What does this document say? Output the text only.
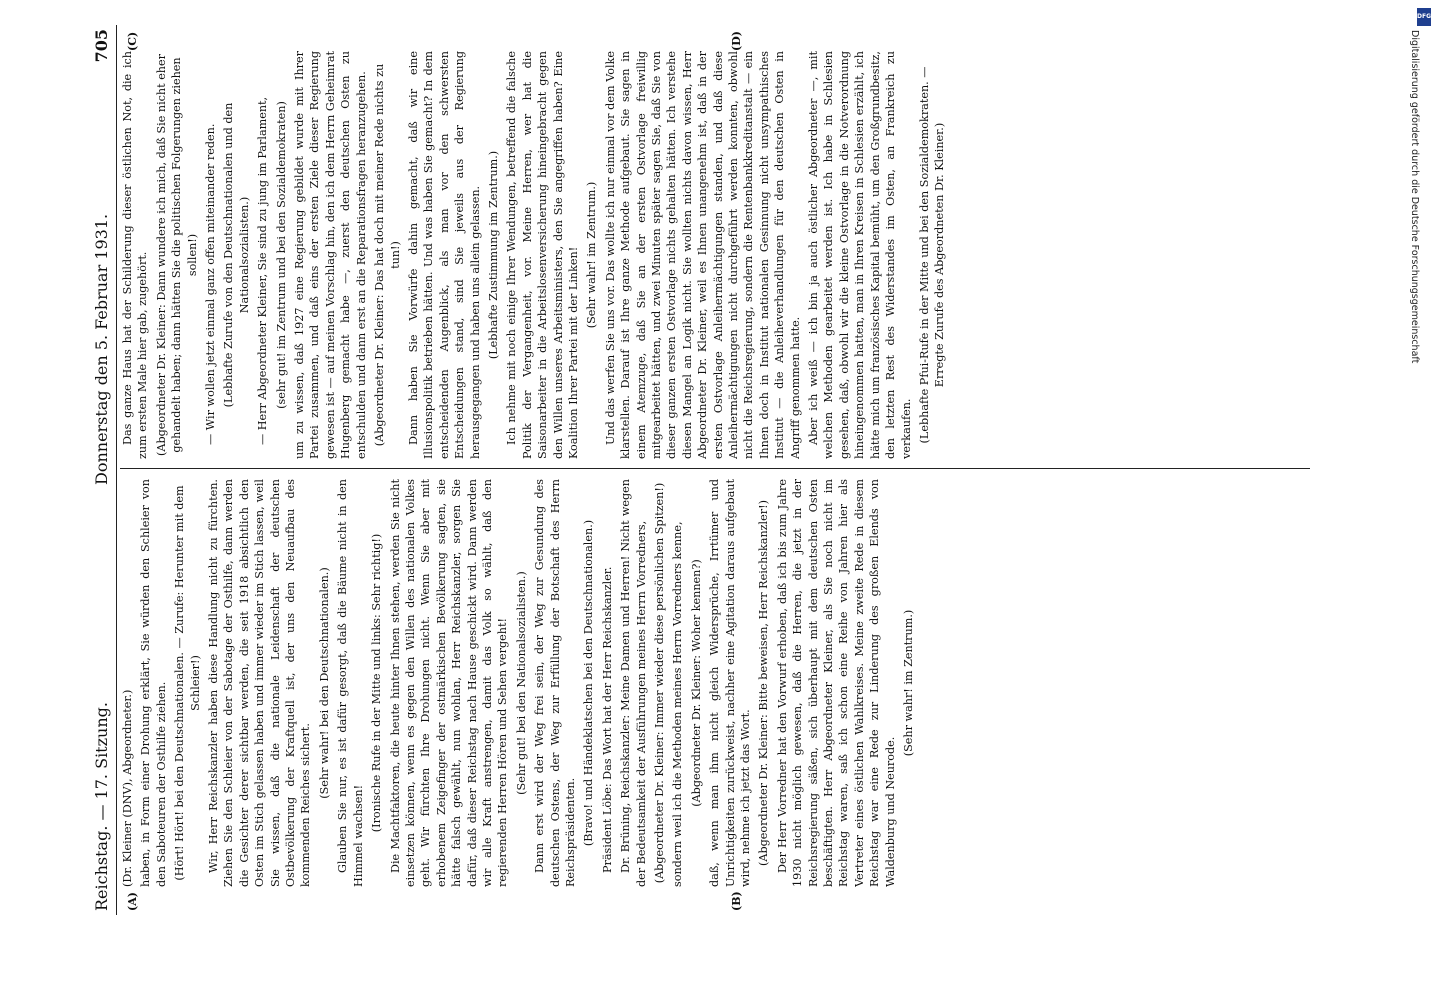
Reichstag. — 17. Sitzung.
Donnerstag den 5. Februar 1931.
705
(A)	(B)
(C)	(D)

(Dr. Kleiner (DNV), Abgeordneter.) haben, in Form einer Drohung erklärt, Sie würden den Schleier von den Saboteuren der Osthilfe ziehen. (Hört! Hört! bei den Deutschnationalen. — Zurufe: Herunter mit dem Schleier!) Wir, Herr Reichskanzler haben diese Handlung nicht zu fürchten. Ziehen Sie den Schleier von der Sabotage der Osthilfe, dann werden die Gesichter derer sichtbar werden, die seit 1918 absichtlich den Osten im Stich gelassen haben und immer wieder im Stich lassen, weil Sie wissen, daß die nationale Leidenschaft der deutschen Ostbevölkerung der Kraftquell ist, der uns den Neuaufbau des kommenden Reiches sichert.

(Sehr wahr! bei den Deutschnationalen.) Glauben Sie nur, es ist dafür gesorgt, daß die Bäume nicht in den Himmel wachsen!

(Ironische Rufe in der Mitte und links: Sehr richtig!) Die Machtfaktoren, die heute hinter Ihnen stehen, werden Sie nicht einsetzen können, wenn es gegen den Willen des nationalen Volkes geht. Wir fürchten Ihre Drohungen nicht. Wenn Sie aber mit erhobenem Zeigefinger der ostmärkischen Bevölkerung sagten, sie hätte falsch gewählt, nun wohlan, Herr Reichskanzler, sorgen Sie dafür, daß dieser Reichstag nach Hause geschickt wird. Dann werden wir alle Kraft anstrengen, damit das Volk so wählt, daß den regierenden Herren Hören und Sehen vergeht! (Sehr gut! bei den Nationalsozialisten.) Dann erst wird der Weg frei sein, der Weg zur Gesundung des deutschen Ostens, der Weg zur Erfüllung der Botschaft des Herrn Reichspräsidenten. (Bravo! und Händeklatschen bei den Deutschnationalen.) Präsident Löbe: Das Wort hat der Herr Reichskanzler. Dr. Brüning, Reichskanzler: Meine Damen und Herren! Nicht wegen der Bedeutsamkeit der Ausführungen meines Herrn Vorredners, (Abgeordneter Dr. Kleiner: Immer wieder diese persönlichen Spitzen!) sondern weil ich die Methoden meines Herrn Vorredners kenne, (Abgeordneter Dr. Kleiner: Woher kennen?) daß, wenn man ihm nicht gleich Widersprüche, Irrtümer und Unrichtigkeiten zurückweist, nachher eine Agitation daraus aufgebaut wird, nehme ich jetzt das Wort. (Abgeordneter Dr. Kleiner: Bitte beweisen, Herr Reichskanzler!) Der Herr Vorredner hat den Vorwurf erhoben, daß ich bis zum Jahre 1930 nicht möglich gewesen, daß die Herren, die jetzt in der Reichsregierung säßen, sich überhaupt mit dem deutschen Osten beschäftigten. Herr Abgeordneter Kleiner, als Sie noch nicht im Reichstag waren, saß ich schon eine Reihe von Jahren hier als Vertreter eines östlichen Wahlkreises. Meine zweite Rede in diesem Reichstag war eine Rede zur Linderung des großen Elends von Waldenburg und Neurode.

(Sehr wahr! im Zentrum.)

Das ganze Haus hat der Schilderung dieser östlichen Not, die ich zum ersten Male hier gab, zugehört. (Abgeordneter Dr. Kleiner: Dann wundere ich mich, daß Sie nicht eher gehandelt haben; dann hätten Sie die politischen Folgerungen ziehen sollen!) — Wir wollen jetzt einmal ganz offen miteinander reden. (Lebhafte Zurufe von den Deutschnationalen und den Nationalsozialisten.) — Herr Abgeordneter Kleiner, Sie sind zu jung im Parlament, (sehr gut! im Zentrum und bei den Sozialdemokraten) um zu wissen, daß 1927 eine Regierung gebildet wurde mit Ihrer Partei zusammen, und daß eins der ersten Ziele dieser Regierung gewesen ist — auf meinen Vorschlag hin, den ich dem Herrn Geheimrat Hugenberg gemacht habe —, zuerst den deutschen Osten zu entschulden und dann erst an die Reparationsfragen heranzugehen. (Abgeordneter Dr. Kleiner: Das hat doch mit meiner Rede nichts zu tun!) Dann haben Sie Vorwürfe dahin gemacht, daß wir eine Illusionspolitik betrieben hätten. Und was haben Sie gemacht? In dem entscheidenden Augenblick, als man vor den schwersten Entscheidungen stand, sind Sie jeweils aus der Regierung herausgegangen und haben uns allein gelassen. (Lebhafte Zustimmung im Zentrum.) Ich nehme mit noch einige Ihrer Wendungen, betreffend die falsche Politik der Vergangenheit, vor. Meine Herren, wer hat die Saisonarbeiter in die Arbeitslosenversicherung hineingebracht gegen den Willen unseres Arbeitsministers, den Sie angegriffen haben? Eine Koalition Ihrer Partei mit der Linken! (Sehr wahr! im Zentrum.) Und das werfen Sie uns vor. Das wollte ich nur einmal vor dem Volke klarstellen. Darauf ist Ihre ganze Methode aufgebaut. Sie sagen in einem Atemzuge, daß Sie an der ersten Ostvorlage freiwillig mitgearbeitet hätten, und zwei Minuten später sagen Sie, daß Sie von dieser ganzen ersten Ostvorlage nichts gehalten hätten. Ich verstehe diesen Mangel an Logik nicht. Sie wollten nichts davon wissen, Herr Abgeordneter Dr. Kleiner, weil es Ihnen unangenehm ist, daß in der ersten Ostvorlage Anleihermächtigungen standen, und daß diese Anleihermächtigungen nicht durchgeführt werden konnten, obwohl nicht die Reichsregierung, sondern die Rentenbankkreditanstalt — ein Ihnen doch in Institut nationalen Gesinnung nicht unsympathisches Institut — die Anleiheverhandlungen für den deutschen Osten in Angriff genommen hatte. Aber ich weiß — ich bin ja auch östlicher Abgeordneter —, mit welchen Methoden gearbeitet werden ist. Ich habe in Schlesien gesehen, daß, obwohl wir die kleine Ostvorlage in die Notverordnung hineingenommen hatten, man in Ihren Kreisen in Schlesien erzählt, ich hätte mich um französisches Kapital bemüht, um den Großgrundbesitz, den letzten Rest des Widerstandes im Osten, an Frankreich zu verkaufen. (Lebhafte Pfui-Rufe in der Mitte und bei den Sozialdemokraten. — Erregte Zurufe des Abgeordneten Dr. Kleiner.)

DFG
Digitalisierung gefördert durch die Deutsche Forschungsgemeinschaft
